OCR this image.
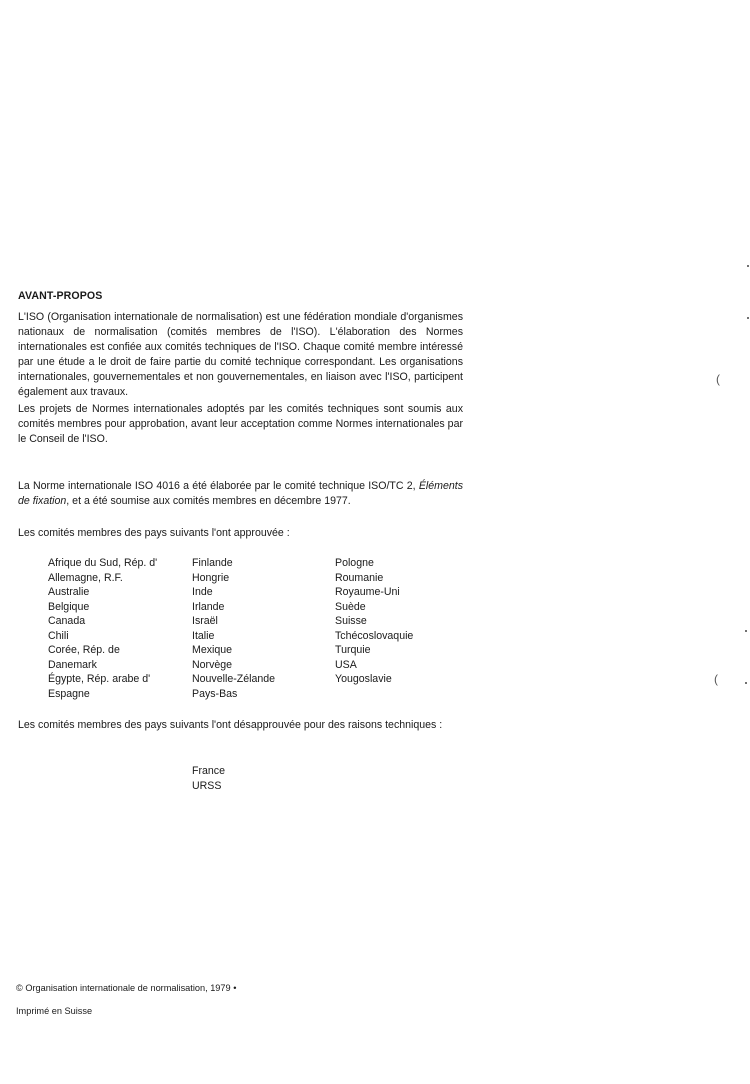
AVANT-PROPOS

L'ISO (Organisation internationale de normalisation) est une fédération mondiale d'organismes nationaux de normalisation (comités membres de l'ISO). L'élaboration des Normes internationales est confiée aux comités techniques de l'ISO. Chaque comité membre intéressé par une étude a le droit de faire partie du comité technique correspondant. Les organisations internationales, gouvernementales et non gouvernementales, en liaison avec l'ISO, participent également aux travaux.

Les projets de Normes internationales adoptés par les comités techniques sont soumis aux comités membres pour approbation, avant leur acceptation comme Normes internationales par le Conseil de l'ISO.

La Norme internationale ISO 4016 a été élaborée par le comité technique ISO/TC 2, Éléments de fixation, et a été soumise aux comités membres en décembre 1977.

Les comités membres des pays suivants l'ont approuvée :

Afrique du Sud, Rép. d'
Allemagne, R.F.
Australie
Belgique
Canada
Chili
Corée, Rép. de
Danemark
Égypte, Rép. arabe d'
Espagne
Finlande
Hongrie
Inde
Irlande
Israël
Italie
Mexique
Norvège
Nouvelle-Zélande
Pays-Bas
Pologne
Roumanie
Royaume-Uni
Suède
Suisse
Tchécoslovaquie
Turquie
USA
Yougoslavie

Les comités membres des pays suivants l'ont désapprouvée pour des raisons techniques :

France
URSS
© Organisation internationale de normalisation, 1979 •
Imprimé en Suisse
(
(
